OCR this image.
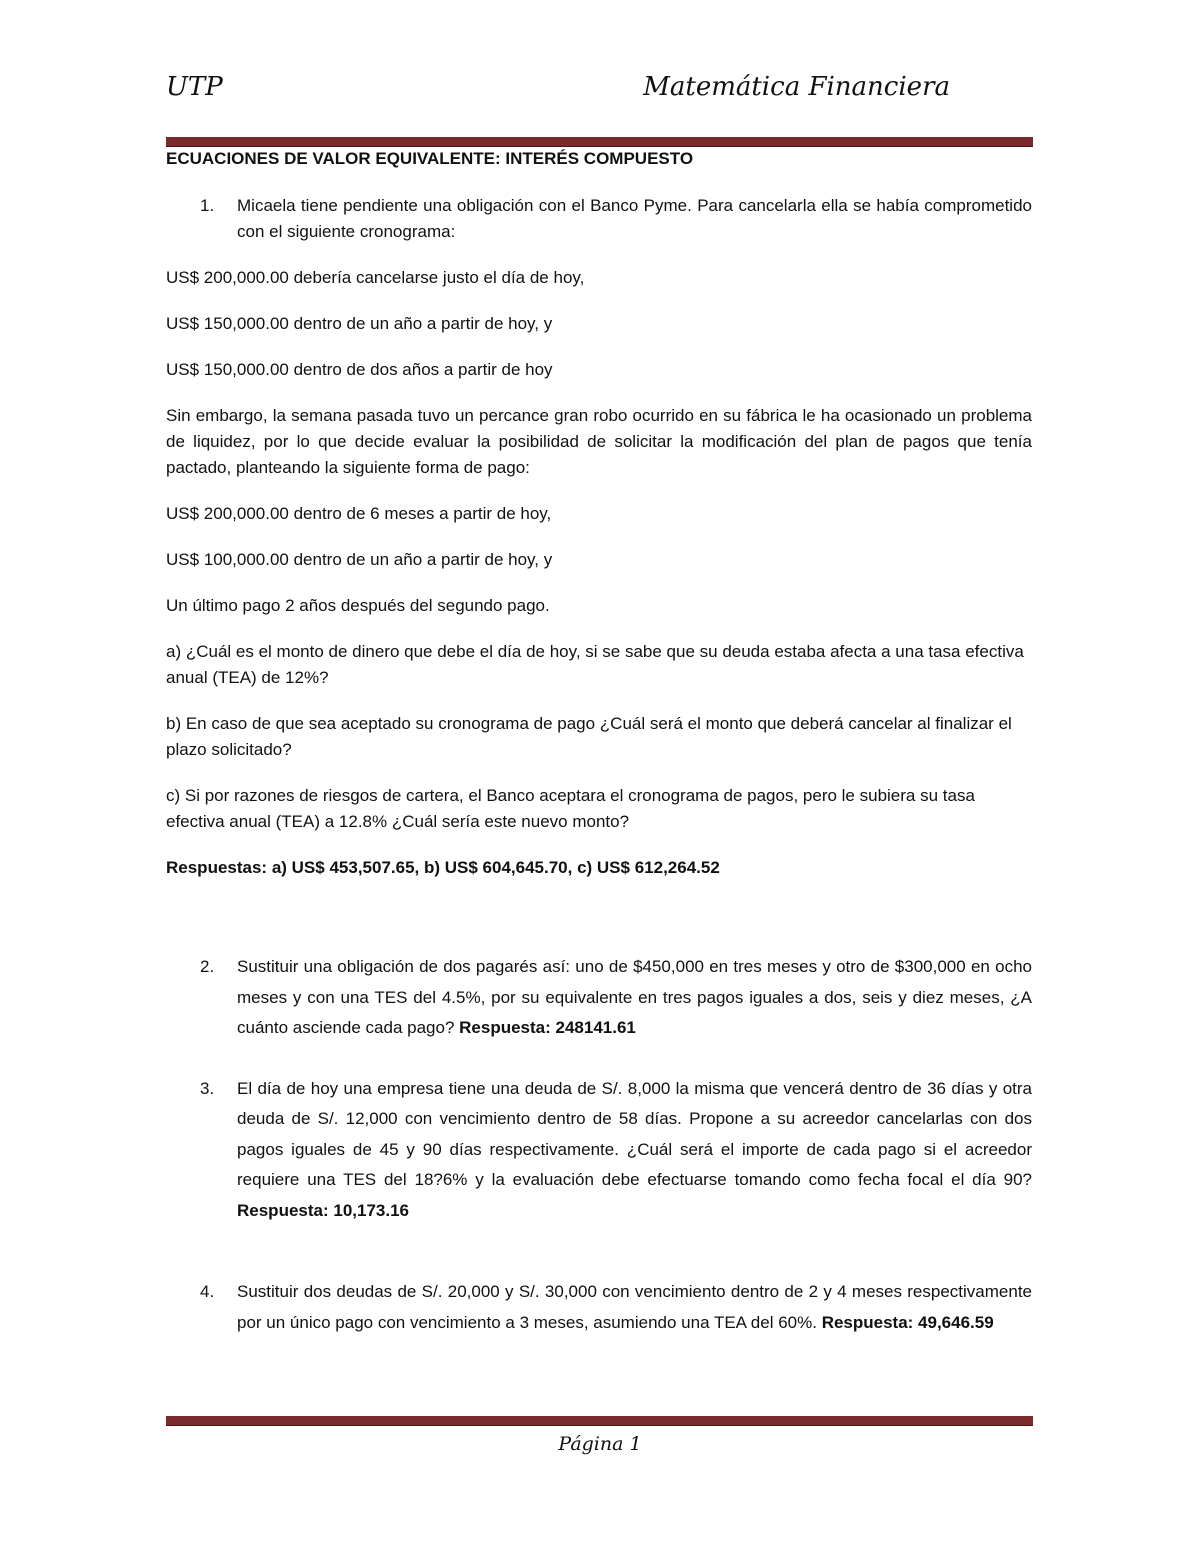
UTP	Matemática Financiera

ECUACIONES DE VALOR EQUIVALENTE: INTERÉS COMPUESTO

1. Micaela tiene pendiente una obligación con el Banco Pyme. Para cancelarla ella se había comprometido con el siguiente cronograma:

US$ 200,000.00 debería cancelarse justo el día de hoy,

US$ 150,000.00 dentro de un año a partir de hoy, y

US$ 150,000.00 dentro de dos años a partir de hoy

Sin embargo, la semana pasada tuvo un percance gran robo ocurrido en su fábrica le ha ocasionado un problema de liquidez, por lo que decide evaluar la posibilidad de solicitar la modificación del plan de pagos que tenía pactado, planteando la siguiente forma de pago:

US$ 200,000.00 dentro de 6 meses a partir de hoy,

US$ 100,000.00 dentro de un año a partir de hoy, y

Un último pago 2 años después del segundo pago.

a) ¿Cuál es el monto de dinero que debe el día de hoy, si se sabe que su deuda estaba afecta a una tasa efectiva anual (TEA) de 12%?

b) En caso de que sea aceptado su cronograma de pago ¿Cuál será el monto que deberá cancelar al finalizar el plazo solicitado?

c) Si por razones de riesgos de cartera, el Banco aceptara el cronograma de pagos, pero le subiera su tasa efectiva anual (TEA) a 12.8% ¿Cuál sería este nuevo monto?

Respuestas: a) US$ 453,507.65, b) US$ 604,645.70, c) US$ 612,264.52

2. Sustituir una obligación de dos pagarés así: uno de $450,000 en tres meses y otro de $300,000 en ocho meses y con una TES del 4.5%, por su equivalente en tres pagos iguales a dos, seis y diez meses, ¿A cuánto asciende cada pago? Respuesta: 248141.61

3. El día de hoy una empresa tiene una deuda de S/. 8,000 la misma que vencerá dentro de 36 días y otra deuda de S/. 12,000 con vencimiento dentro de 58 días. Propone a su acreedor cancelarlas con dos pagos iguales de 45 y 90 días respectivamente. ¿Cuál será el importe de cada pago si el acreedor requiere una TES del 18?6% y la evaluación debe efectuarse tomando como fecha focal el día 90? Respuesta: 10,173.16

4. Sustituir dos deudas de S/. 20,000 y S/. 30,000 con vencimiento dentro de 2 y 4 meses respectivamente por un único pago con vencimiento a 3 meses, asumiendo una TEA del 60%. Respuesta: 49,646.59

Página 1
